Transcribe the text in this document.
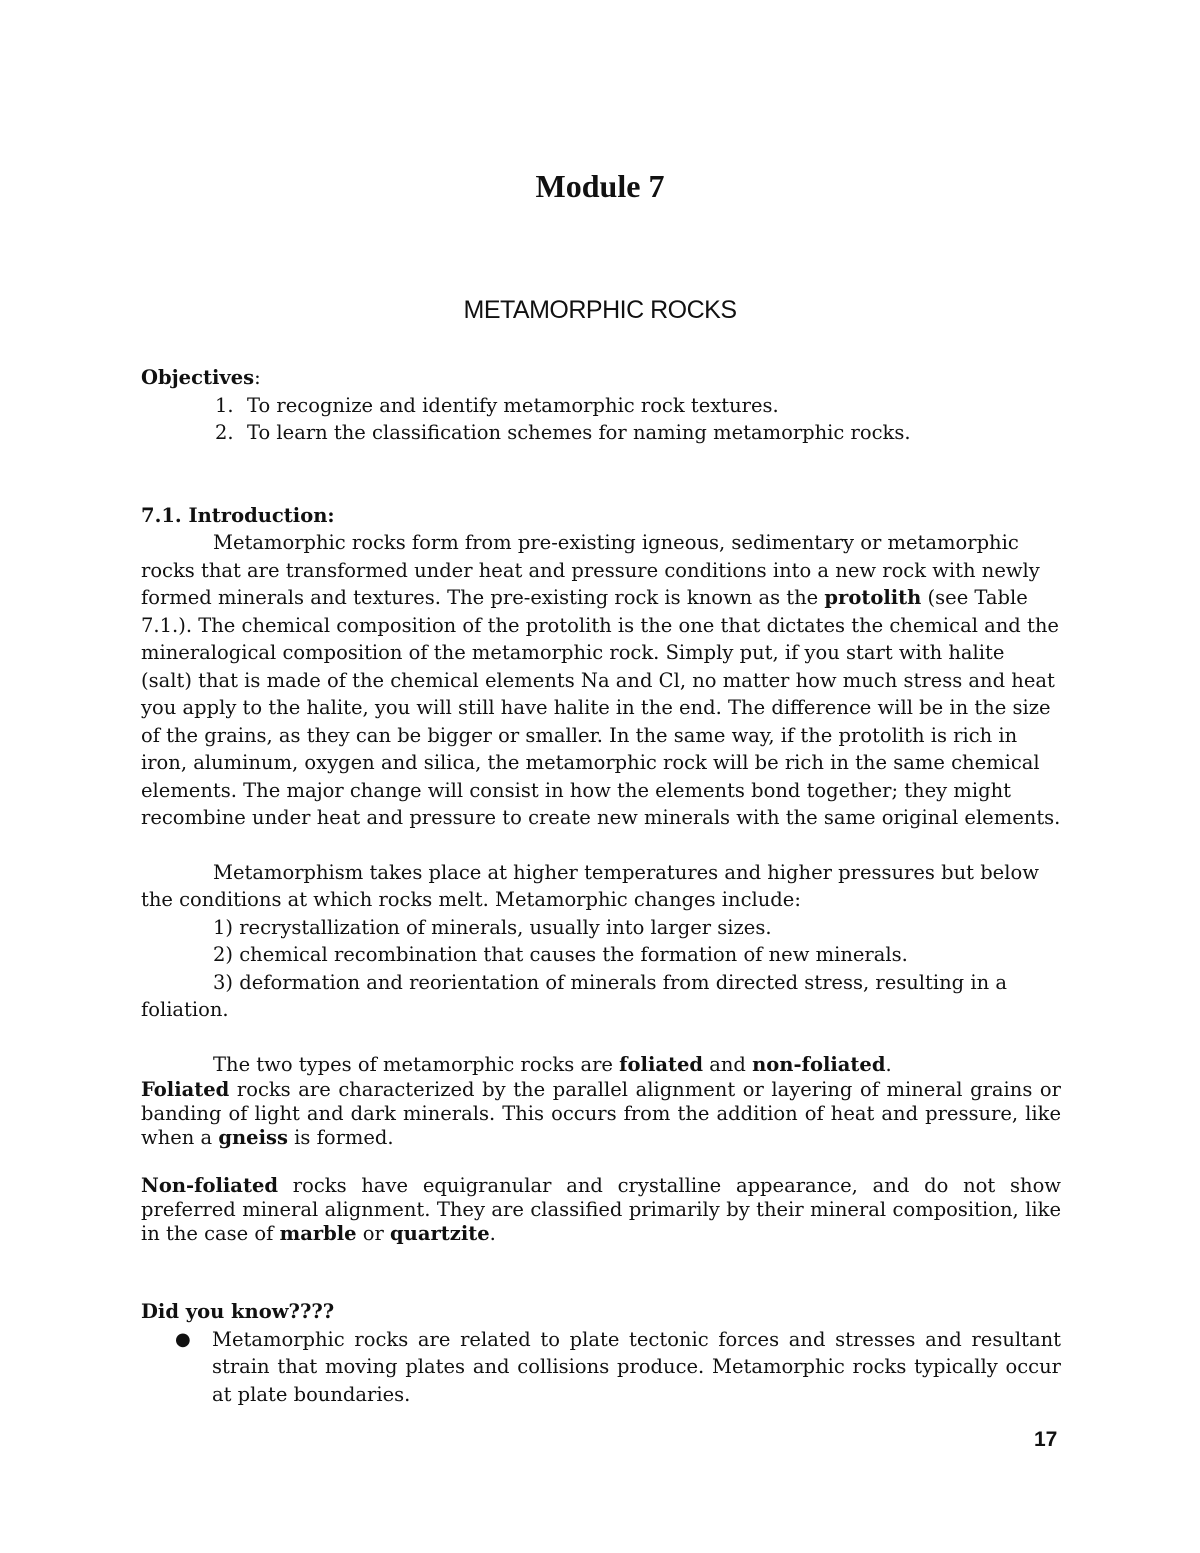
Module 7
METAMORPHIC ROCKS

Objectives:

1. To recognize and identify metamorphic rock textures.
2. To learn the classification schemes for naming metamorphic rocks.

7.1. Introduction:

Metamorphic rocks form from pre-existing igneous, sedimentary or metamorphic rocks that are transformed under heat and pressure conditions into a new rock with newly formed minerals and textures. The pre-existing rock is known as the protolith (see Table 7.1.). The chemical composition of the protolith is the one that dictates the chemical and the mineralogical composition of the metamorphic rock. Simply put, if you start with halite (salt) that is made of the chemical elements Na and Cl, no matter how much stress and heat you apply to the halite, you will still have halite in the end. The difference will be in the size of the grains, as they can be bigger or smaller. In the same way, if the protolith is rich in iron, aluminum, oxygen and silica, the metamorphic rock will be rich in the same chemical elements. The major change will consist in how the elements bond together; they might recombine under heat and pressure to create new minerals with the same original elements.

Metamorphism takes place at higher temperatures and higher pressures but below the conditions at which rocks melt. Metamorphic changes include:

1) recrystallization of minerals, usually into larger sizes.

2) chemical recombination that causes the formation of new minerals.

3) deformation and reorientation of minerals from directed stress, resulting in a foliation.

The two types of metamorphic rocks are foliated and non-foliated.

Foliated rocks are characterized by the parallel alignment or layering of mineral grains or banding of light and dark minerals. This occurs from the addition of heat and pressure, like when a gneiss is formed.

Non-foliated rocks have equigranular and crystalline appearance, and do not show preferred mineral alignment. They are classified primarily by their mineral composition, like in the case of marble or quartzite.

Did you know????

● Metamorphic rocks are related to plate tectonic forces and stresses and resultant strain that moving plates and collisions produce. Metamorphic rocks typically occur at plate boundaries.
17
